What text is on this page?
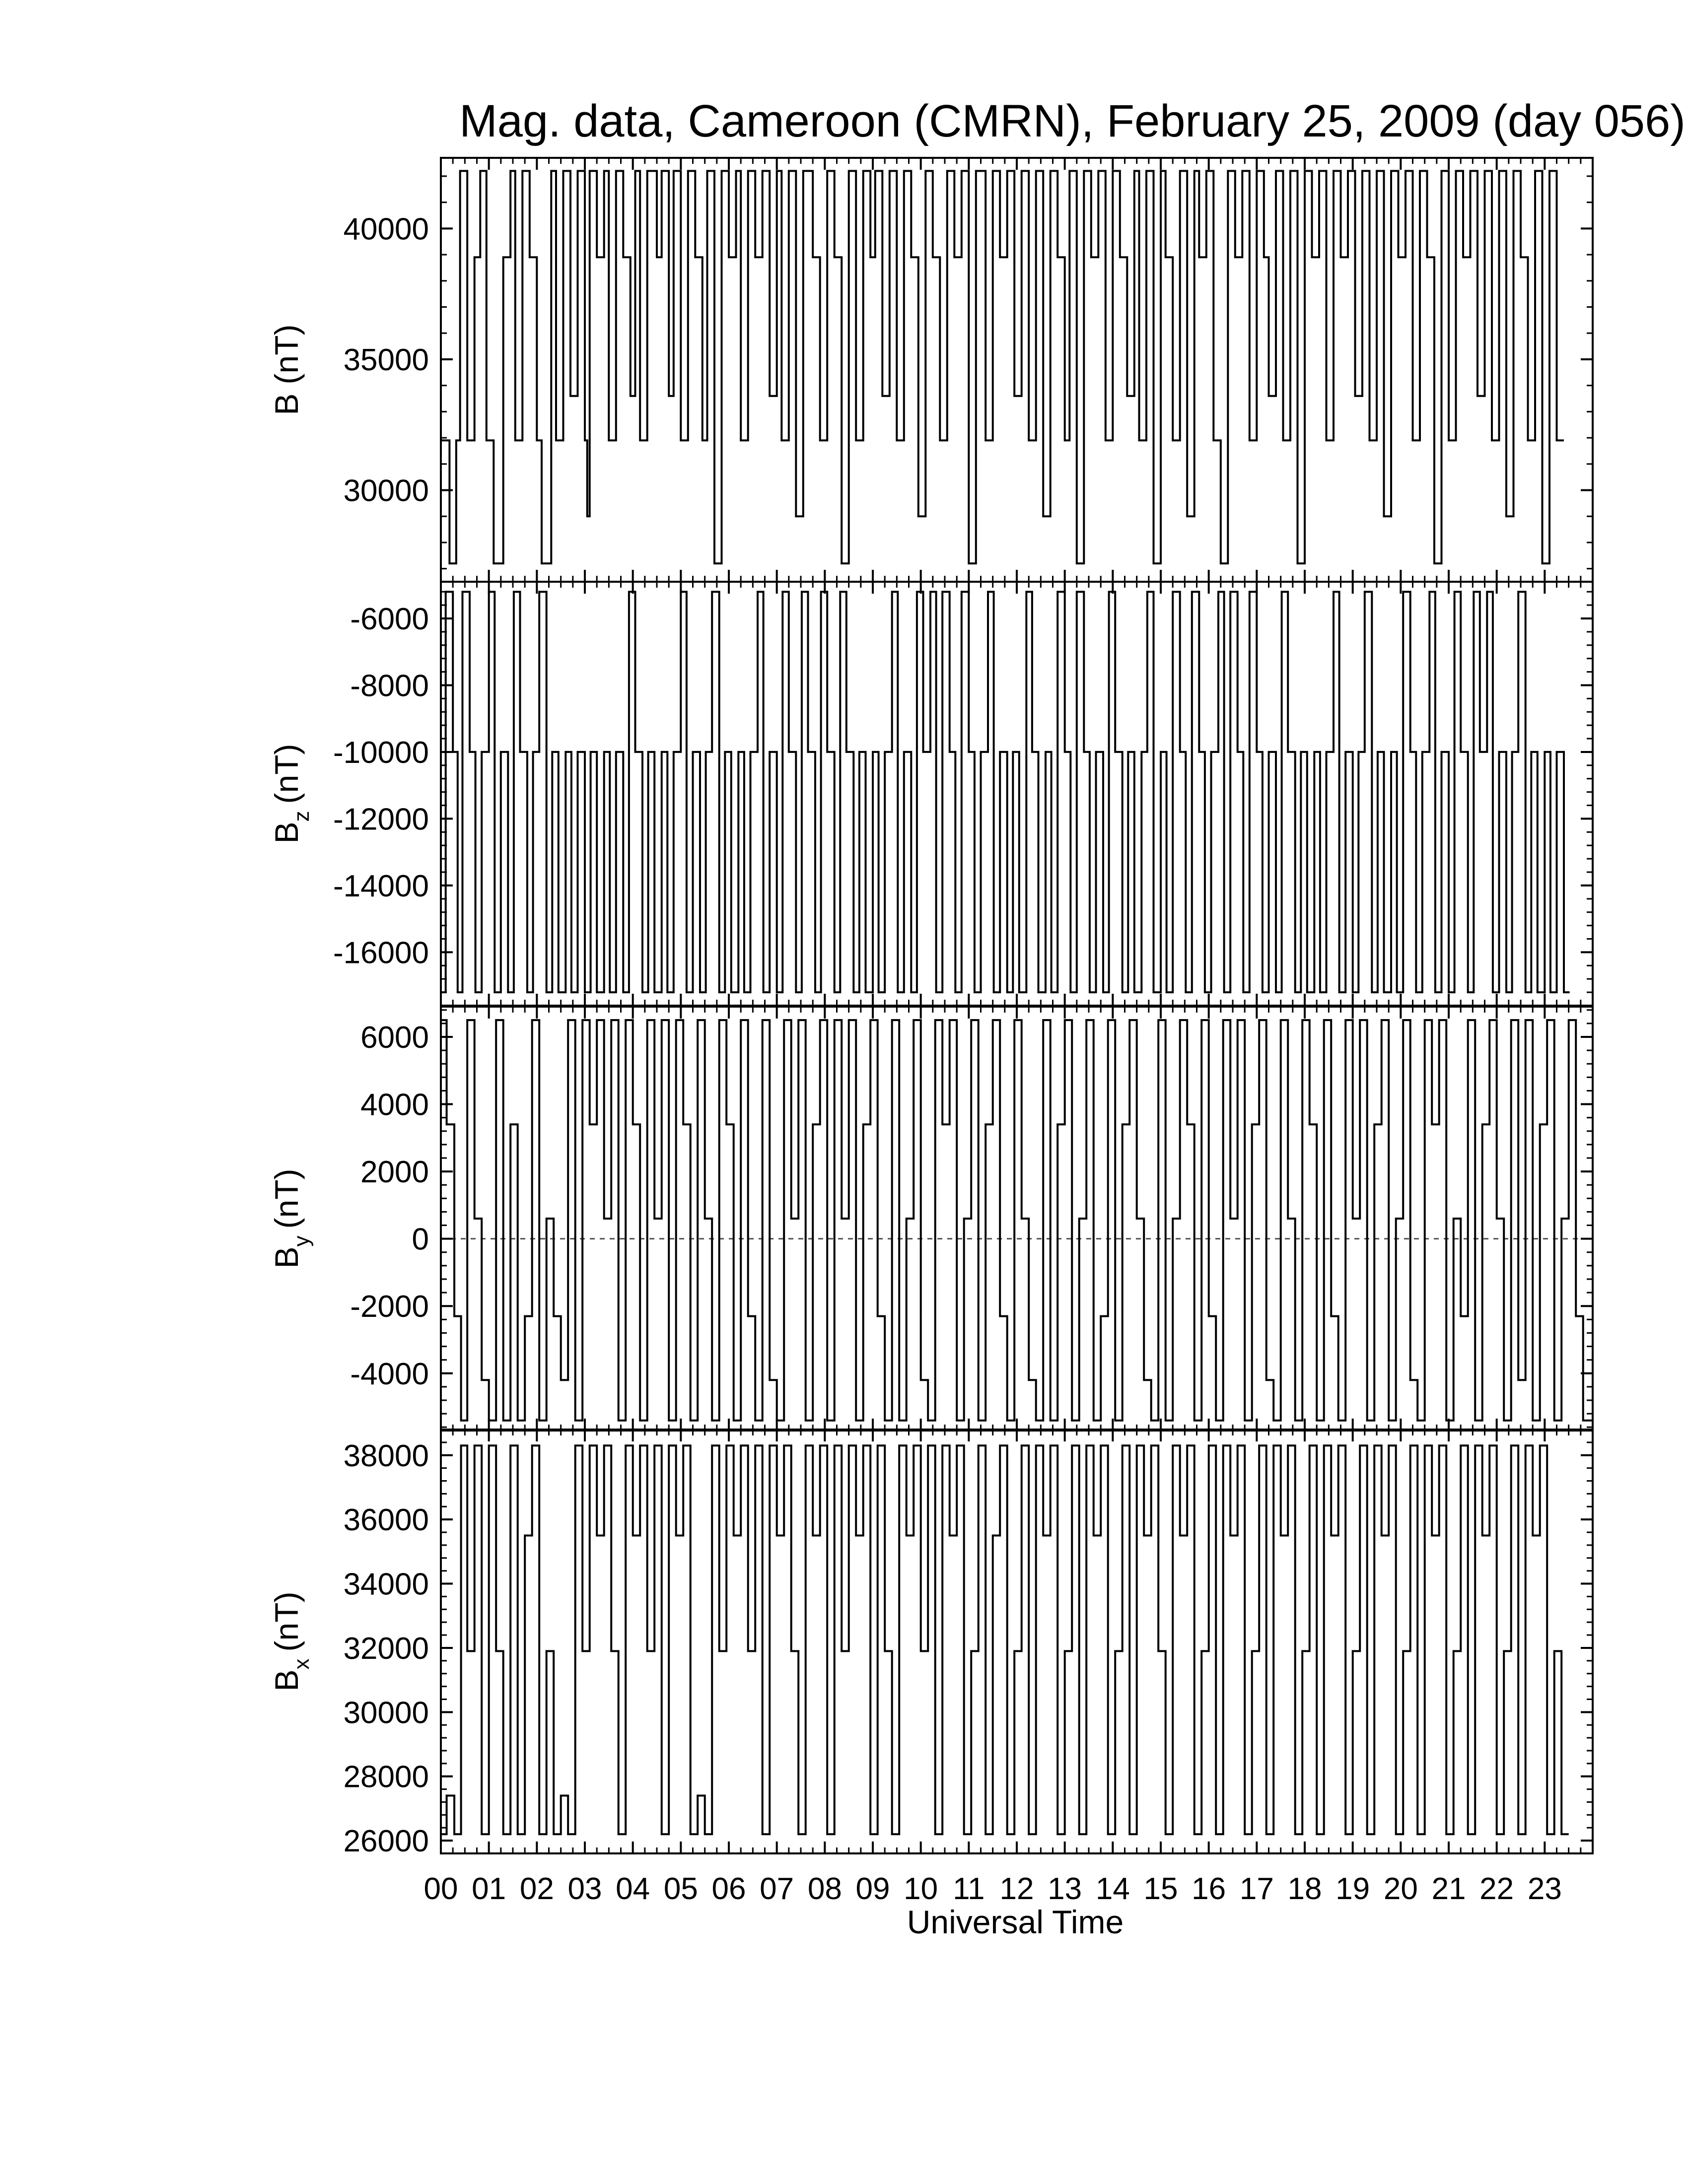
Mag. data, Cameroon (CMRN), February 25, 2009 (day 056)
30000
35000
40000
B(nT)
-6000
-8000
-10000
-12000
-14000
-16000
$B_z(nT)$
6000
4000
2000
0
-2000
-4000
$B_y(nT)$
38000
36000
34000
32000
30000
28000
26000
$B_x(nT)$
00 01 02 03 04 05 06 07 08 09 10 11 12 13 14 15 16 17 18 19 20 21 22 23
Universal Time
